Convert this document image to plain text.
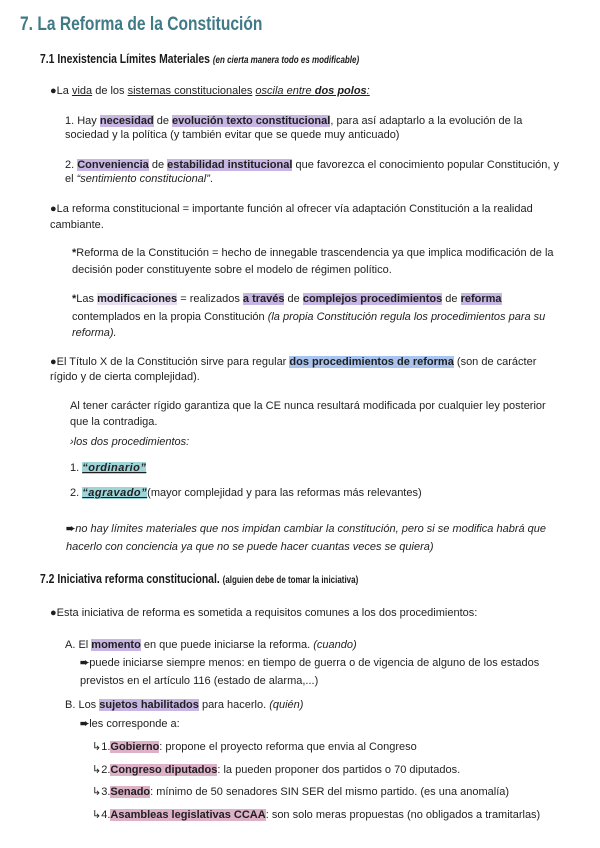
7. La Reforma de la Constitución
7.1 Inexistencia Límites Materiales (en cierta manera todo es modificable)
●La vida de los sistemas constitucionales oscila entre dos polos:
1. Hay necesidad de evolución texto constitucional, para así adaptarlo a la evolución de la
sociedad y la política (y también evitar que se quede muy anticuado)
2. Conveniencia de estabilidad institucional que favorezca el conocimiento popular Constitución, y
el “sentimiento constitucional”.
●La reforma constitucional = importante función al ofrecer vía adaptación Constitución a la realidad
cambiante.
*Reforma de la Constitución = hecho de innegable trascendencia ya que implica modificación de la
decisión poder constituyente sobre el modelo de régimen político.
*Las modificaciones = realizados a través de complejos procedimientos de reforma
contemplados en la propia Constitución (la propia Constitución regula los procedimientos para su
reforma).
●El Título X de la Constitución sirve para regular dos procedimientos de reforma (son de carácter
rígido y de cierta complejidad).
Al tener carácter rígido garantiza que la CE nunca resultará modificada por cualquier ley posterior
que la contradiga.
›los dos procedimientos:
1. “ordinario”
2. “agravado”(mayor complejidad y para las reformas más relevantes)
➨no hay límites materiales que nos impidan cambiar la constitución, pero si se modifica habrá que
hacerlo con conciencia ya que no se puede hacer cuantas veces se quiera)
7.2 Iniciativa reforma constitucional. (alguien debe de tomar la iniciativa)
●Esta iniciativa de reforma es sometida a requisitos comunes a los dos procedimientos:
A. El momento en que puede iniciarse la reforma. (cuando)
➨puede iniciarse siempre menos: en tiempo de guerra o de vigencia de alguno de los estados
previstos en el artículo 116 (estado de alarma,...)
B. Los sujetos habilitados para hacerlo. (quién)
➨les corresponde a:
↳1.Gobierno: propone el proyecto reforma que envia al Congreso
↳2.Congreso diputados: la pueden proponer dos partidos o 70 diputados.
↳3.Senado: mínimo de 50 senadores SIN SER del mismo partido. (es una anomalía)
↳4.Asambleas legislativas CCAA: son solo meras propuestas (no obligados a tramitarlas)
